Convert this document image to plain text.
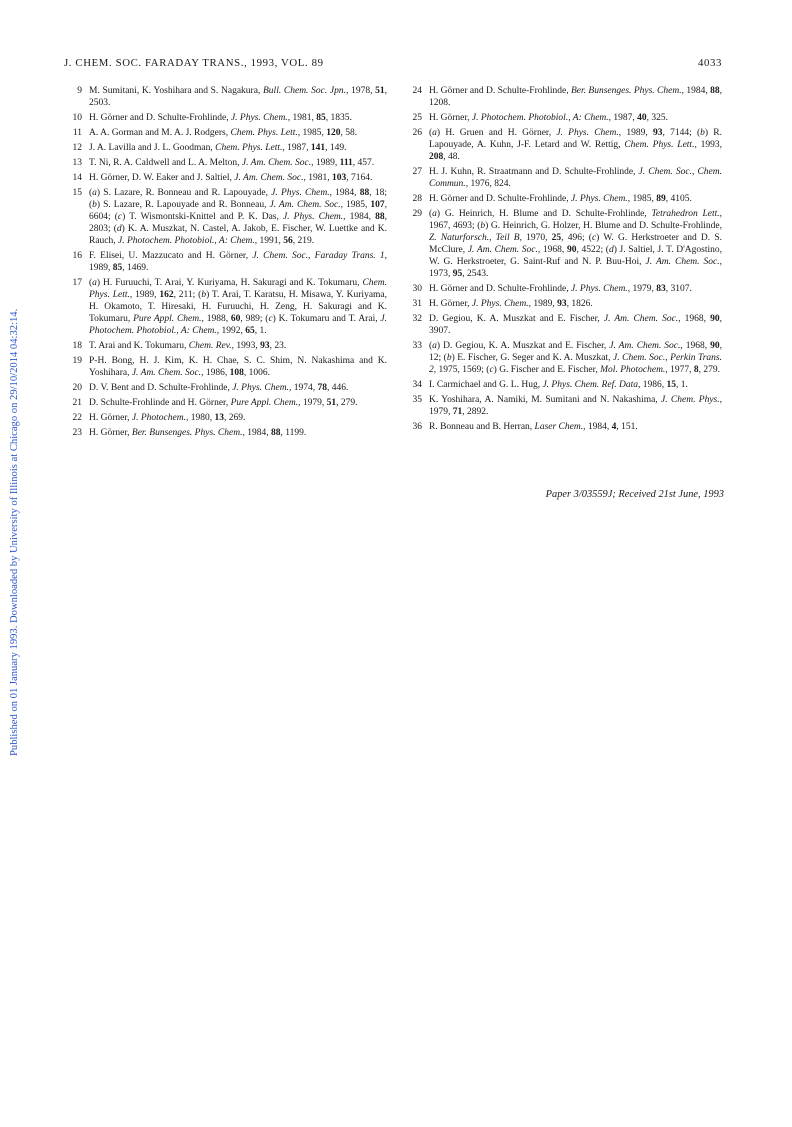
Published on 01 January 1993. Downloaded by University of Illinois at Chicago on 29/10/2014 04:32:14.
J. CHEM. SOC. FARADAY TRANS., 1993, VOL. 89	4033
9 M. Sumitani, K. Yoshihara and S. Nagakura, Bull. Chem. Soc. Jpn., 1978, 51, 2503.
10 H. Görner and D. Schulte-Frohlinde, J. Phys. Chem., 1981, 85, 1835.
11 A. A. Gorman and M. A. J. Rodgers, Chem. Phys. Lett., 1985, 120, 58.
12 J. A. Lavilla and J. L. Goodman, Chem. Phys. Lett., 1987, 141, 149.
13 T. Ni, R. A. Caldwell and L. A. Melton, J. Am. Chem. Soc., 1989, 111, 457.
14 H. Görner, D. W. Eaker and J. Saltiel, J. Am. Chem. Soc., 1981, 103, 7164.
15 (a) S. Lazare, R. Bonneau and R. Lapouyade, J. Phys. Chem., 1984, 88, 18; (b) S. Lazare, R. Lapouyade and R. Bonneau, J. Am. Chem. Soc., 1985, 107, 6604; (c) T. Wismontski-Knittel and P. K. Das, J. Phys. Chem., 1984, 88, 2803; (d) K. A. Muszkat, N. Castel, A. Jakob, E. Fischer, W. Luettke and K. Rauch, J. Photochem. Photobiol., A: Chem., 1991, 56, 219.
16 F. Elisei, U. Mazzucato and H. Görner, J. Chem. Soc., Faraday Trans. 1, 1989, 85, 1469.
17 (a) H. Furuuchi, T. Arai, Y. Kuriyama, H. Sakuragi and K. Tokumaru, Chem. Phys. Lett., 1989, 162, 211; (b) T. Arai, T. Karatsu, H. Misawa, Y. Kuriyama, H. Okamoto, T. Hiresaki, H. Furuuchi, H. Zeng, H. Sakuragi and K. Tokumaru, Pure Appl. Chem., 1988, 60, 989; (c) K. Tokumaru and T. Arai, J. Photochem. Photobiol., A: Chem., 1992, 65, 1.
18 T. Arai and K. Tokumaru, Chem. Rev., 1993, 93, 23.
19 P-H. Bong, H. J. Kim, K. H. Chae, S. C. Shim, N. Nakashima and K. Yoshihara, J. Am. Chem. Soc., 1986, 108, 1006.
20 D. V. Bent and D. Schulte-Frohlinde, J. Phys. Chem., 1974, 78, 446.
21 D. Schulte-Frohlinde and H. Görner, Pure Appl. Chem., 1979, 51, 279.
22 H. Görner, J. Photochem., 1980, 13, 269.
23 H. Görner, Ber. Bunsenges. Phys. Chem., 1984, 88, 1199.
24 H. Görner and D. Schulte-Frohlinde, Ber. Bunsenges. Phys. Chem., 1984, 88, 1208.
25 H. Görner, J. Photochem. Photobiol., A: Chem., 1987, 40, 325.
26 (a) H. Gruen and H. Görner, J. Phys. Chem., 1989, 93, 7144; (b) R. Lapouyade, A. Kuhn, J-F. Letard and W. Rettig, Chem. Phys. Lett., 1993, 208, 48.
27 H. J. Kuhn, R. Straatmann and D. Schulte-Frohlinde, J. Chem. Soc., Chem. Commun., 1976, 824.
28 H. Görner and D. Schulte-Frohlinde, J. Phys. Chem., 1985, 89, 4105.
29 (a) G. Heinrich, H. Blume and D. Schulte-Frohlinde, Tetrahedron Lett., 1967, 4693; (b) G. Heinrich, G. Holzer, H. Blume and D. Schulte-Frohlinde, Z. Naturforsch., Teil B, 1970, 25, 496; (c) W. G. Herkstroeter and D. S. McClure, J. Am. Chem. Soc., 1968, 90, 4522; (d) J. Saltiel, J. T. D'Agostino, W. G. Herkstroeter, G. Saint-Ruf and N. P. Buu-Hoi, J. Am. Chem. Soc., 1973, 95, 2543.
30 H. Görner and D. Schulte-Frohlinde, J. Phys. Chem., 1979, 83, 3107.
31 H. Görner, J. Phys. Chem., 1989, 93, 1826.
32 D. Gegiou, K. A. Muszkat and E. Fischer, J. Am. Chem. Soc., 1968, 90, 3907.
33 (a) D. Gegiou, K. A. Muszkat and E. Fischer, J. Am. Chem. Soc., 1968, 90, 12; (b) E. Fischer, G. Seger and K. A. Muszkat, J. Chem. Soc., Perkin Trans. 2, 1975, 1569; (c) G. Fischer and E. Fischer, Mol. Photochem., 1977, 8, 279.
34 I. Carmichael and G. L. Hug, J. Phys. Chem. Ref. Data, 1986, 15, 1.
35 K. Yoshihara, A. Namiki, M. Sumitani and N. Nakashima, J. Chem. Phys., 1979, 71, 2892.
36 R. Bonneau and B. Herran, Laser Chem., 1984, 4, 151.
Paper 3/03559J; Received 21st June, 1993
